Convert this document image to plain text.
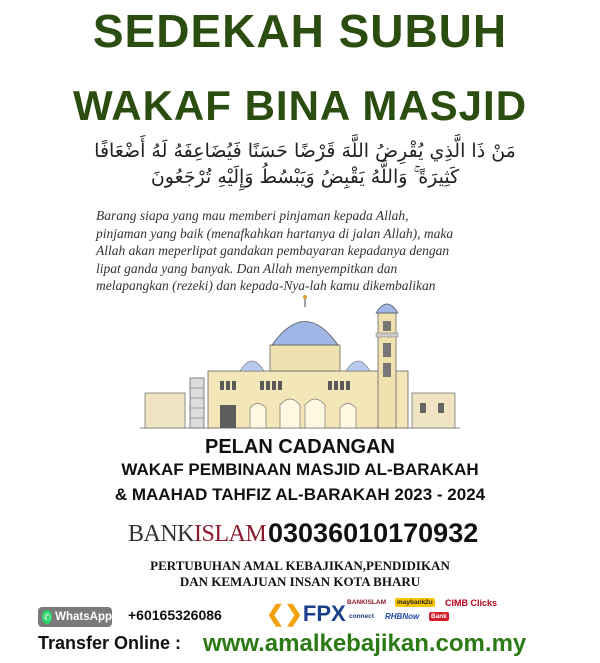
SEDEKAH SUBUH
WAKAF BINA MASJID
مَنْ ذَا الَّذِي يُقْرِضُ اللَّهَ قَرْضًا حَسَنًا فَيُضَاعِفَهُ لَهُ أَضْعَافًا
كَثِيرَةً ۚ وَاللَّهُ يَقْبِضُ وَيَبْسُطُ وَإِلَيْهِ تُرْجَعُونَ
Barang siapa yang mau memberi pinjaman kepada Allah,
pinjaman yang baik (menafkahkan hartanya di jalan Allah), maka
Allah akan meperlipat gandakan pembayaran kepadanya dengan
lipat ganda yang banyak. Dan Allah menyempitkan dan
melapangkan (rezeki) dan kepada-Nya-lah kamu dikembalikan
PELAN CADANGAN
WAKAF PEMBINAAN MASJID AL-BARAKAH
& MAAHAD TAHFIZ AL-BARAKAH 2023 - 2024
BANKISLAM 03036010170932
PERTUBUHAN AMAL KEBAJIKAN,PENDIDIKAN
DAN KEMAJUAN INSAN KOTA BHARU
✆ WhatsApp +60165326086 ❮❯FPX BANKISLAM	maybank2u CIMB Clicks
connect RHBNow	Bank
Transfer Online : www.amalkebajikan.com.my
